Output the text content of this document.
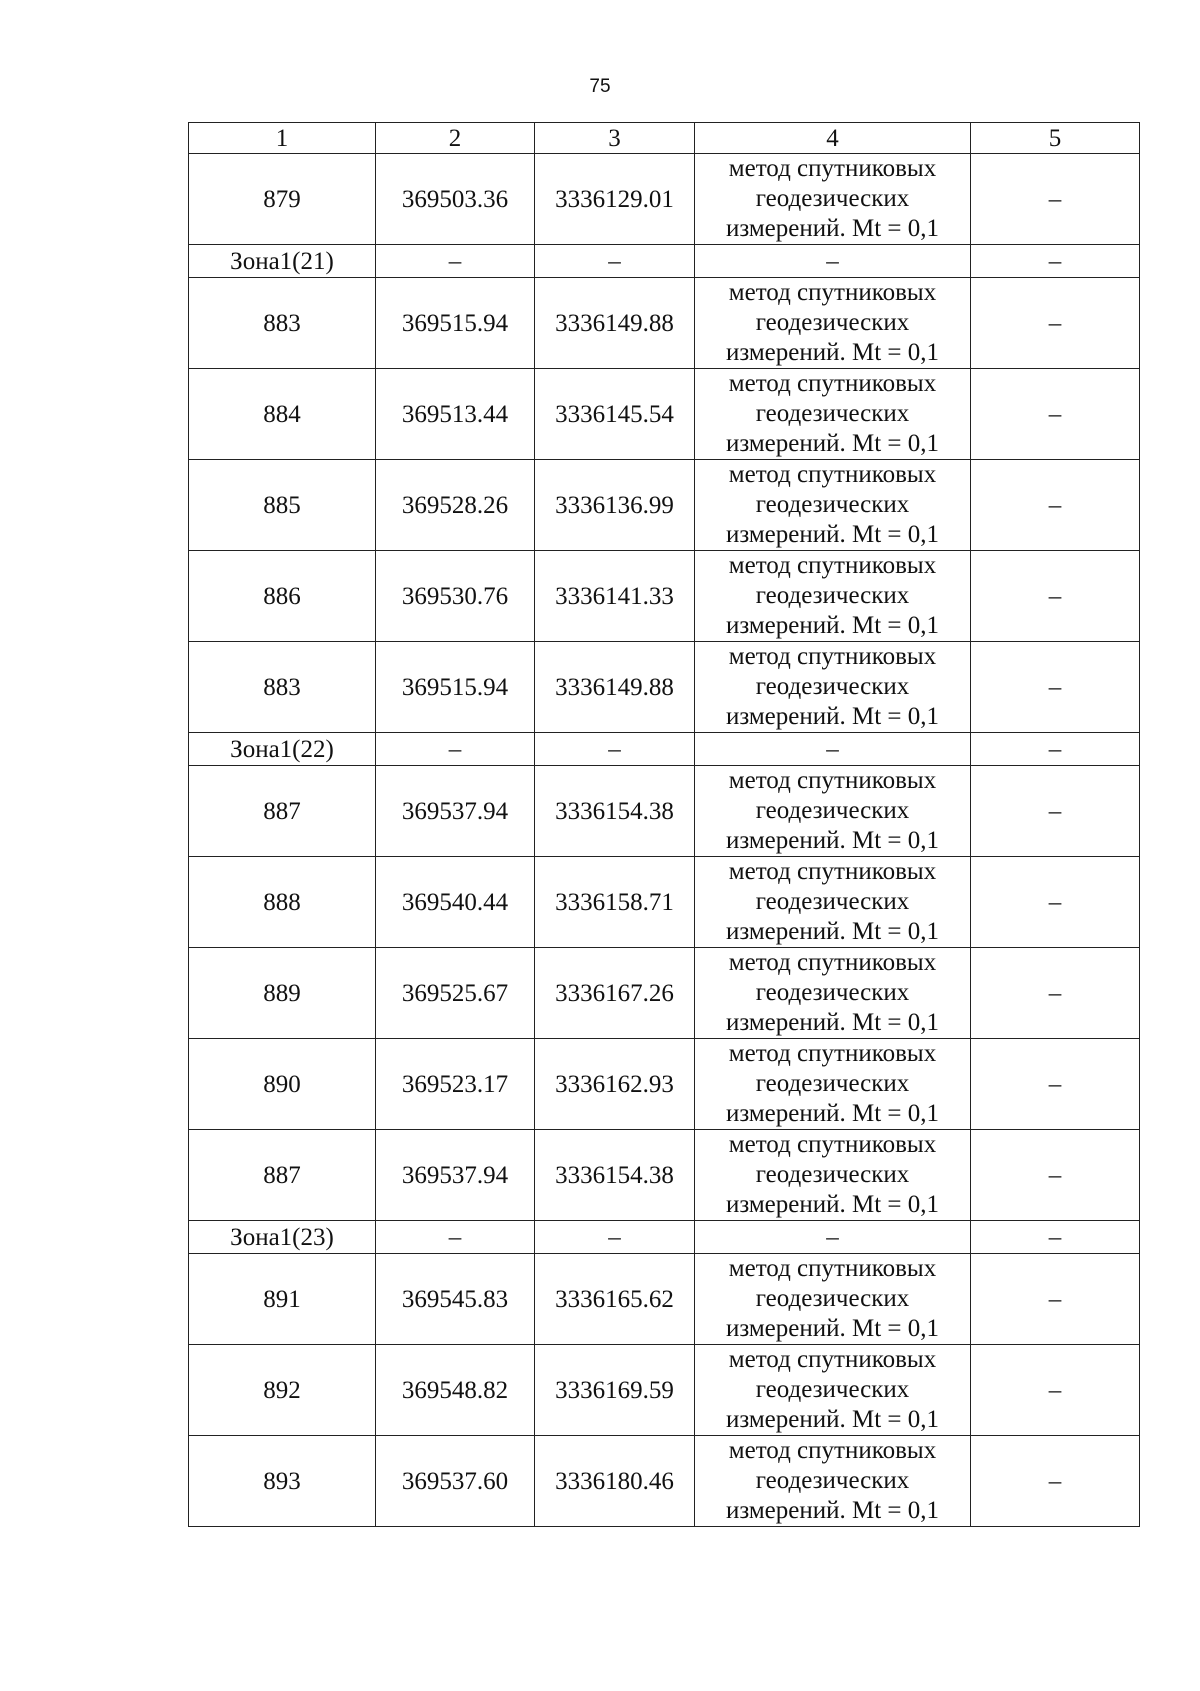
75
1	2	3	4	5
879	369503.36	3336129.01	метод спутниковых
геодезических
измерений. Mt = 0,1	–
Зона1(21)	–	–	–	–
883	369515.94	3336149.88	метод спутниковых
геодезических
измерений. Mt = 0,1	–
884	369513.44	3336145.54	метод спутниковых
геодезических
измерений. Mt = 0,1	–
885	369528.26	3336136.99	метод спутниковых
геодезических
измерений. Mt = 0,1	–
886	369530.76	3336141.33	метод спутниковых
геодезических
измерений. Mt = 0,1	–
883	369515.94	3336149.88	метод спутниковых
геодезических
измерений. Mt = 0,1	–
Зона1(22)	–	–	–	–
887	369537.94	3336154.38	метод спутниковых
геодезических
измерений. Mt = 0,1	–
888	369540.44	3336158.71	метод спутниковых
геодезических
измерений. Mt = 0,1	–
889	369525.67	3336167.26	метод спутниковых
геодезических
измерений. Mt = 0,1	–
890	369523.17	3336162.93	метод спутниковых
геодезических
измерений. Mt = 0,1	–
887	369537.94	3336154.38	метод спутниковых
геодезических
измерений. Mt = 0,1	–
Зона1(23)	–	–	–	–
891	369545.83	3336165.62	метод спутниковых
геодезических
измерений. Mt = 0,1	–
892	369548.82	3336169.59	метод спутниковых
геодезических
измерений. Mt = 0,1	–
893	369537.60	3336180.46	метод спутниковых
геодезических
измерений. Mt = 0,1	–
